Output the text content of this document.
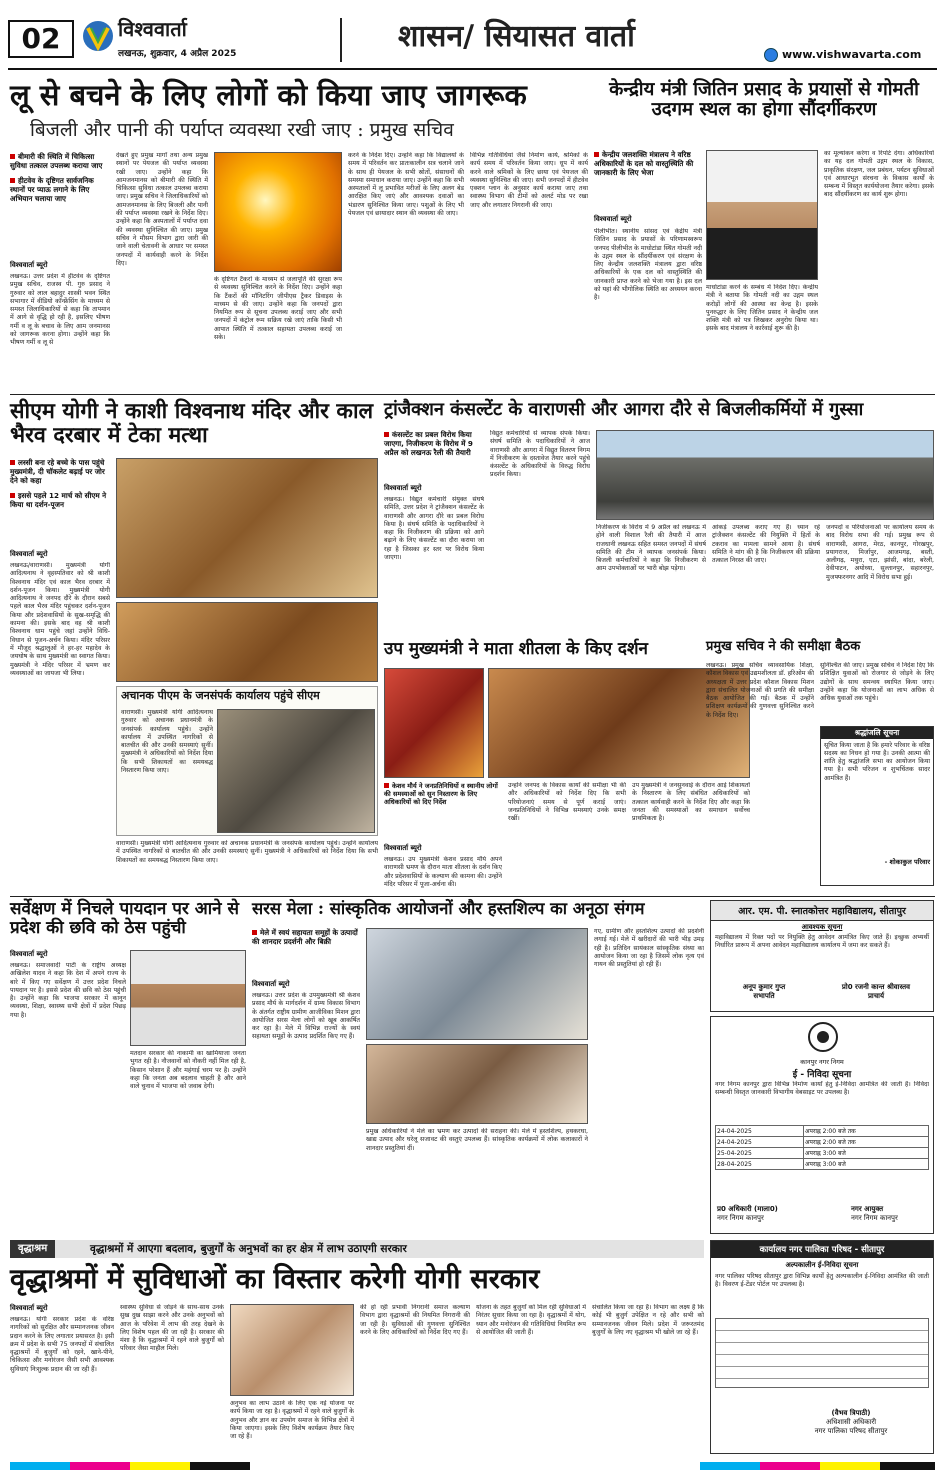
02	विश्ववार्ता
लखनऊ, शुक्रवार, 4 अप्रैल 2025	शासन/ सियासत वार्ता
www.vishwavarta.com
लू से बचने के लिए लोगों को किया जाए जागरूक
बिजली और पानी की पर्याप्त व्यवस्था रखी जाए : प्रमुख सचिव
बीमारी की स्थिति में चिकित्सा सुविधा तत्काल उपलब्ध कराया जाए
हीटवेव के दृष्टिगत सार्वजनिक स्थानों पर प्याऊ लगाने के लिए अभियान चलाया जाए
विश्ववार्ता ब्यूरो
लखनऊ। उत्तर प्रदेश में हीटवेव के दृष्टिगत प्रमुख सचिव, राजस्व पी. गुरु प्रसाद ने गुरुवार को लाल बहादुर शास्त्री भवन स्थित सभागार में वीडियो कॉन्फ्रेंसिंग के माध्यम से समस्त जिलाधिकारियों से कहा कि तापमान में आगे से वृद्धि हो रही है, इसलिए भीषण गर्मी व लू के बचाव के लिए आम जनमानस को जागरूक करना होगा। उन्होंने कहा कि भीषण गर्मी व लू से
देखते हुए प्रमुख मार्गों तथा अन्य प्रमुख स्थानों पर पेयजल की पर्याप्त व्यवस्था रखी जाए। उन्होंने कहा कि आमजनमानस को बीमारी की स्थिति में चिकित्सा सुविधा तत्काल उपलब्ध कराया जाए। प्रमुख सचिव ने जिलाधिकारियों को आमजनमानस के लिए बिजली और पानी की पर्याप्त व्यवस्था रखने के निर्देश दिए। उन्होंने कहा कि अस्पतालों में पर्याप्त दवा की व्यवस्था सुनिश्चित की जाए। प्रमुख सचिव ने मौसम विभाग द्वारा जारी की जाने वाली चेतावनी के आधार पर समस्त जनपदों में कार्यवाही करने के निर्देश दिए।
के दृष्टिगत टैंकरों के माध्यम से जलापूर्ति की सुरक्षा रूप से व्यवस्था सुनिश्चित करने के निर्देश दिए। उन्होंने कहा कि टैंकरों की मॉनिटरिंग जीपीएस ट्रैकर डिवाइस के माध्यम से की जाए। उन्होंने कहा कि जनपदों द्वारा नियमित रूप से सूचना उपलब्ध कराई जाए और सभी जनपदों में कंट्रोल रूम सक्रिय रखे जाएं ताकि किसी भी आपात स्थिति में तत्काल सहायता उपलब्ध कराई जा सके।
करने के निर्देश दिए। उन्होंने कहा कि विद्यालयों के समय में परिवर्तन कर प्रातःकालीन सत्र चलाने जाने के साथ ही पेयजल के सभी स्रोतों, संसाधनों की समस्या समाधान कराया जाए। उन्होंने कहा कि सभी अस्पतालों में लू प्रभावित मरीजों के लिए अलग बेड आरक्षित किए जाएं और आवश्यक दवाओं का भंडारण सुनिश्चित किया जाए। पशुओं के लिए भी पेयजल एवं छायादार स्थान की व्यवस्था की जाए।
विभिन्न गतिविधियां जैसे निर्माण कार्य, श्रमिकों के कार्य समय में परिवर्तन किया जाए। धूप में कार्य करने वाले श्रमिकों के लिए छाया एवं पेयजल की व्यवस्था सुनिश्चित की जाए। सभी जनपदों में हीटवेव एक्शन प्लान के अनुसार कार्य कराया जाए तथा स्वास्थ्य विभाग की टीमों को अलर्ट मोड पर रखा जाए और लगातार निगरानी की जाए।
केन्द्रीय मंत्री जितिन प्रसाद के प्रयासों से गोमती उदगम स्थल का होगा सौंदर्गीकरण
केन्द्रीय जलशक्ति मंत्रालय ने वरिष्ठ अधिकारियों के दल को वास्तुस्थिति की जानकारी के लिए भेजा
विश्ववार्ता ब्यूरो
पीलीभीत। स्थानीय सांसद एवं केंद्रीय मंत्री जितिन प्रसाद के प्रयासों के परिणामस्वरूप जनपद पीलीभीत के माधोटांडा स्थित गोमती नदी के उद्गम स्थल के सौंदर्यीकरण एवं संरक्षण के लिए केन्द्रीय जलशक्ति मंत्रालय द्वारा वरिष्ठ अधिकारियों के एक दल को वास्तुस्थिति की जानकारी प्राप्त करने को भेजा गया है। इस दल को यहां की भौगोलिक स्थिति का अध्ययन करना है।
माधोटांडा करने के सम्बंध में निर्देश दिए। केन्द्रीय मंत्री ने बताया कि गोमती नदी का उद्गम स्थल करोड़ों लोगों की आस्था का केन्द्र है। इसके पुनरुद्धार के लिए जितिन प्रसाद ने केन्द्रीय जल शक्ति मंत्री को पत्र लिखकर अनुरोध किया था। इसके बाद मंत्रालय ने कार्रवाई शुरू की है।
का मूल्यांकन करेगा व रिपोर्ट देगा। अधिकारियों का यह दल गोमती उद्गम स्थल के विकास, प्राकृतिक संरक्षण, जल प्रबंधन, पर्यटन सुविधाओं एवं आधारभूत संरचना के विकास कार्यों के सम्बन्ध में विस्तृत कार्ययोजना तैयार करेगा। इसके बाद सौंदर्यीकरण का कार्य शुरू होगा।
सीएम योगी ने काशी विश्वनाथ मंदिर और काल भैरव दरबार में टेका मत्था
लस्सी बना रहे बच्चे के पास पहुंचे मुख्यमंत्री, दी चॉकलेट बढ़ाई पर जोर देने को कहा
इससे पहले 12 मार्च को सीएम ने किया था दर्शन-पूजन
विश्ववार्ता ब्यूरो
लखनऊ/वाराणसी। मुख्यमंत्री योगी आदित्यनाथ ने वृहस्पतिवार को श्री काशी विश्वनाथ मंदिर एवं काल भैरव दरबार में दर्शन-पूजन किया। मुख्यमंत्री योगी आदित्यनाथ ने जनपद दौरे के दौरान सबसे पहले काल भैरव मंदिर पहुंचकर दर्शन-पूजन किया और प्रदेशवासियों के सुख-समृद्धि की कामना की। इसके बाद वह श्री काशी विश्वनाथ धाम पहुंचे जहां उन्होंने विधि-विधान से पूजन-अर्चन किया। मंदिर परिसर में मौजूद श्रद्धालुओं ने हर-हर महादेव के जयघोष के साथ मुख्यमंत्री का स्वागत किया। मुख्यमंत्री ने मंदिर परिसर में भ्रमण कर व्यवस्थाओं का जायजा भी लिया।
अचानक पीएम के जनसंपर्क कार्यालय पहुंचे सीएम
वाराणसी। मुख्यमंत्री योगी आदित्यनाथ गुरुवार को अचानक प्रधानमंत्री के जनसंपर्क कार्यालय पहुंचे। उन्होंने कार्यालय में उपस्थित नागरिकों से बातचीत की और उनकी समस्याएं सुनीं। मुख्यमंत्री ने अधिकारियों को निर्देश दिया कि सभी शिकायतों का समयबद्ध निस्तारण किया जाए।
वाराणसी। मुख्यमंत्री योगी आदित्यनाथ गुरुवार को अचानक प्रधानमंत्री के जनसंपर्क कार्यालय पहुंचे। उन्होंने कार्यालय में उपस्थित नागरिकों से बातचीत की और उनकी समस्याएं सुनीं। मुख्यमंत्री ने अधिकारियों को निर्देश दिया कि सभी शिकायतों का समयबद्ध निस्तारण किया जाए।
ट्रांजैक्शन कंसल्टेंट के वाराणसी और आगरा दौरे से बिजलीकर्मियों में गुस्सा
कंसल्टेंट का प्रबल विरोध किया जाएगा, निजीकरण के विरोध में 9 अप्रैल को लखनऊ रैली की तैयारी
विश्ववार्ता ब्यूरो
लखनऊ। विद्युत कर्मचारी संयुक्त संघर्ष समिति, उत्तर प्रदेश ने ट्रांजैक्शन कंसल्टेंट के वाराणसी और आगरा दौरे का प्रबल विरोध किया है। संघर्ष समिति के पदाधिकारियों ने कहा कि निजीकरण की प्रक्रिया को आगे बढ़ाने के लिए कंसल्टेंट का दौरा कराया जा रहा है जिसका हर स्तर पर विरोध किया जाएगा।
विद्युत कर्मचारियों से व्यापक संपर्क किया। संघर्ष समिति के पदाधिकारियों ने आज वाराणसी और आगरा में विद्युत वितरण निगम में निजीकरण के दस्तावेज तैयार करने पहुंचे कंसल्टेंट के अधिकारियों के विरुद्ध विरोध प्रदर्शन किया।
निजीकरण के विरोध में 9 अप्रैल को लखनऊ में होने वाली विशाल रैली की तैयारी में आज राजधानी लखनऊ सहित समस्त जनपदों में संघर्ष समिति की टीम ने व्यापक जनसंपर्क किया। बिजली कर्मचारियों ने कहा कि निजीकरण से आम उपभोक्ताओं पर भारी बोझ पड़ेगा।
आंकड़े उपलब्ध कराए गए हैं। ध्यान रहे ट्रांजैक्शन कंसल्टेंट की नियुक्ति में हितों के टकराव का मामला सामने आया है। संघर्ष समिति ने मांग की है कि निजीकरण की प्रक्रिया तत्काल निरस्त की जाए।
जनपदों व परियोजनाओं पर कार्यालय समय के बाद विरोध सभा की गई। प्रमुख रूप से वाराणसी, आगरा, मेरठ, कानपुर, गोरखपुर, प्रयागराज, मिर्जापुर, आजमगढ़, बस्ती, अलीगढ़, मथुरा, एटा, झांसी, बांदा, बरेली, देवीपाटन, अयोध्या, सुल्तानपुर, सहारनपुर, मुजफ्फरनगर आदि में विरोध सभा हुई।
उप मुख्यमंत्री ने माता शीतला के किए दर्शन
केशव मौर्य ने जनप्रतिनिधियों व स्थानीय लोगों की समस्याओं को सुन निस्तारण के लिए अधिकारियों को दिए निर्देश
विश्ववार्ता ब्यूरो
लखनऊ। उप मुख्यमंत्री केशव प्रसाद मौर्य अपने वाराणसी भ्रमण के दौरान माता शीतला के दर्शन किए और प्रदेशवासियों के कल्याण की कामना की। उन्होंने मंदिर परिसर में पूजा-अर्चना की।
उन्होंने जनपद के विकास कार्यों की समीक्षा भी की और अधिकारियों को निर्देश दिए कि सभी परियोजनाएं समय से पूर्ण कराई जाएं। जनप्रतिनिधियों ने विभिन्न समस्याएं उनके समक्ष रखीं।
उप मुख्यमंत्री ने जनसुनवाई के दौरान आई शिकायतों के निस्तारण के लिए संबंधित अधिकारियों को तत्काल कार्यवाही करने के निर्देश दिए और कहा कि जनता की समस्याओं का समाधान सर्वोच्च प्राथमिकता है।
प्रमुख सचिव ने की समीक्षा बैठक
लखनऊ। प्रमुख सचिव व्यावसायिक शिक्षा, कौशल विकास एवं उद्यमशीलता डॉ. हरिओम की अध्यक्षता में उत्तर प्रदेश कौशल विकास मिशन द्वारा संचालित योजनाओं की प्रगति की समीक्षा बैठक आयोजित की गई। बैठक में उन्होंने प्रशिक्षण कार्यक्रमों की गुणवत्ता सुनिश्चित करने के निर्देश दिए।
सुनिश्चित की जाए। प्रमुख सचिव ने निर्देश दिए कि प्रशिक्षित युवाओं को रोजगार से जोड़ने के लिए उद्योगों के साथ समन्वय स्थापित किया जाए। उन्होंने कहा कि योजनाओं का लाभ अधिक से अधिक युवाओं तक पहुंचे।
श्रद्धांजलि सूचना
सूचित किया जाता है कि हमारे परिवार के वरिष्ठ सदस्य का निधन हो गया है। उनकी आत्मा की शांति हेतु श्रद्धांजलि सभा का आयोजन किया गया है। सभी परिजन व शुभचिंतक सादर आमंत्रित हैं।
- शोकाकुल परिवार
सर्वेक्षण में निचले पायदान पर आने से प्रदेश की छवि को ठेस पहुंची
विश्ववार्ता ब्यूरो
लखनऊ। समाजवादी पार्टी के राष्ट्रीय अध्यक्ष अखिलेश यादव ने कहा कि देश में अपने राज्य के बारे में किए गए सर्वेक्षण में उत्तर प्रदेश निचले पायदान पर है। इससे प्रदेश की छवि को ठेस पहुंची है। उन्होंने कहा कि भाजपा सरकार में कानून व्यवस्था, शिक्षा, स्वास्थ्य सभी क्षेत्रों में प्रदेश पिछड़ गया है।
मतदान सरकार की नाकामी का खामियाजा जनता भुगत रही है। नौजवानों को नौकरी नहीं मिल रही है, किसान परेशान हैं और महंगाई चरम पर है। उन्होंने कहा कि जनता अब बदलाव चाहती है और आने वाले चुनाव में भाजपा को जवाब देगी।
सरस मेला : सांस्कृतिक आयोजनों और हस्तशिल्प का अनूठा संगम
मेले में स्वयं सहायता समूहों के उत्पादों की शानदार प्रदर्शनी और बिक्री
विश्ववार्ता ब्यूरो
लखनऊ। उत्तर प्रदेश के उपमुख्यमंत्री श्री केशव प्रसाद मौर्य के मार्गदर्शन में ग्राम्य विकास विभाग के अंतर्गत राष्ट्रीय ग्रामीण आजीविका मिशन द्वारा आयोजित सरस मेला लोगों को खूब आकर्षित कर रहा है। मेले में विभिन्न राज्यों के स्वयं सहायता समूहों के उत्पाद प्रदर्शित किए गए हैं।
प्रमुख अधिकारियों ने मेले का भ्रमण कर उत्पादों की सराहना की। मेले में हस्तशिल्प, हथकरघा, खाद्य उत्पाद और घरेलू सजावट की वस्तुएं उपलब्ध हैं। सांस्कृतिक कार्यक्रमों में लोक कलाकारों ने शानदार प्रस्तुतियां दीं।
गए, ग्रामीण और हस्तशिल्प उत्पादों की प्रदर्शनी लगाई गई। मेले में खरीदारों की भारी भीड़ उमड़ रही है। प्रतिदिन सायंकाल सांस्कृतिक संध्या का आयोजन किया जा रहा है जिसमें लोक नृत्य एवं गायन की प्रस्तुतियां हो रही हैं।
आर. एम. पी. स्नातकोत्तर महाविद्यालय, सीतापुर
आवश्यक सूचना
महाविद्यालय में रिक्त पदों पर नियुक्ति हेतु आवेदन आमंत्रित किए जाते हैं। इच्छुक अभ्यर्थी निर्धारित प्रारूप में अपना आवेदन महाविद्यालय कार्यालय में जमा कर सकते हैं।
अनूप कुमार गुप्त
सभापति
प्रो0 रजनी कान्त श्रीवास्तव
प्राचार्य
कानपुर नगर निगम
ई - निविदा सूचना
नगर निगम कानपुर द्वारा विभिन्न निर्माण कार्यों हेतु ई-निविदा आमंत्रित की जाती है। निविदा सम्बन्धी विस्तृत जानकारी विभागीय वेबसाइट पर उपलब्ध है।
24-04-2025	अपराह्न 2:00 बजे तक
24-04-2025	अपराह्न 2:00 बजे तक
25-04-2025	अपराह्न 3:00 बजे
28-04-2025	अपराह्न 3:00 बजे
प्र0 अधिकारी (माला0)
नगर निगम कानपुर
नगर आयुक्त
नगर निगम कानपुर
वृद्धाश्रम	वृद्धाश्रमों में आएगा बदलाव, बुजुर्गों के अनुभवों का हर क्षेत्र में लाभ उठाएगी सरकार
वृद्धाश्रमों में सुविधाओं का विस्तार करेगी योगी सरकार
विश्ववार्ता ब्यूरो
लखनऊ। योगी सरकार प्रदेश के वरिष्ठ नागरिकों को सुरक्षित और सम्मानजनक जीवन प्रदान करने के लिए लगातार प्रयासरत है। इसी क्रम में प्रदेश के सभी 75 जनपदों में संचालित वृद्धाश्रमों में बुजुर्गों को रहने, खाने-पीने, चिकित्सा और मनोरंजन जैसी सभी आवश्यक सुविधाएं निःशुल्क प्रदान की जा रही हैं।
स्वास्थ्य सुविधा से जोड़ने के साथ-साथ उनके सुख दुख साझा करने और उनके अनुभवों को आज के परिवेश में लाभ की तरह देखने के लिए विशेष पहल की जा रही है। सरकार की मंशा है कि वृद्धाश्रमों में रहने वाले बुजुर्गों को परिवार जैसा माहौल मिले।
अनुभव का लाभ उठाने के लिए एक नई योजना पर कार्य किया जा रहा है। वृद्धाश्रमों में रहने वाले बुजुर्गों के अनुभव और ज्ञान का उपयोग समाज के विभिन्न क्षेत्रों में किया जाएगा। इसके लिए विशेष कार्यक्रम तैयार किए जा रहे हैं।
की हो रही प्रभावी निगरानी समाज कल्याण विभाग द्वारा वृद्धाश्रमों की नियमित निगरानी की जा रही है। सुविधाओं की गुणवत्ता सुनिश्चित करने के लिए अधिकारियों को निर्देश दिए गए हैं।
योजना के तहत बुजुर्गों को मिल रही सुविधाओं में निरंतर सुधार किया जा रहा है। वृद्धाश्रमों में योग, ध्यान और मनोरंजन की गतिविधियां नियमित रूप से आयोजित की जाती हैं।
संचालित किया जा रहा है। विभाग का लक्ष्य है कि कोई भी बुजुर्ग उपेक्षित न रहे और सभी को सम्मानजनक जीवन मिले। प्रदेश में जरूरतमंद बुजुर्गों के लिए नए वृद्धाश्रम भी खोले जा रहे हैं।
कार्यालय नगर पालिका परिषद - सीतापुर
अल्पकालीन ई-निविदा सूचना
नगर पालिका परिषद सीतापुर द्वारा विभिन्न कार्यों हेतु अल्पकालीन ई-निविदा आमंत्रित की जाती है। विवरण ई-टेंडर पोर्टल पर उपलब्ध है।
(वैभव त्रिपाठी)
अधिशासी अधिकारी
नगर पालिका परिषद सीतापुर
